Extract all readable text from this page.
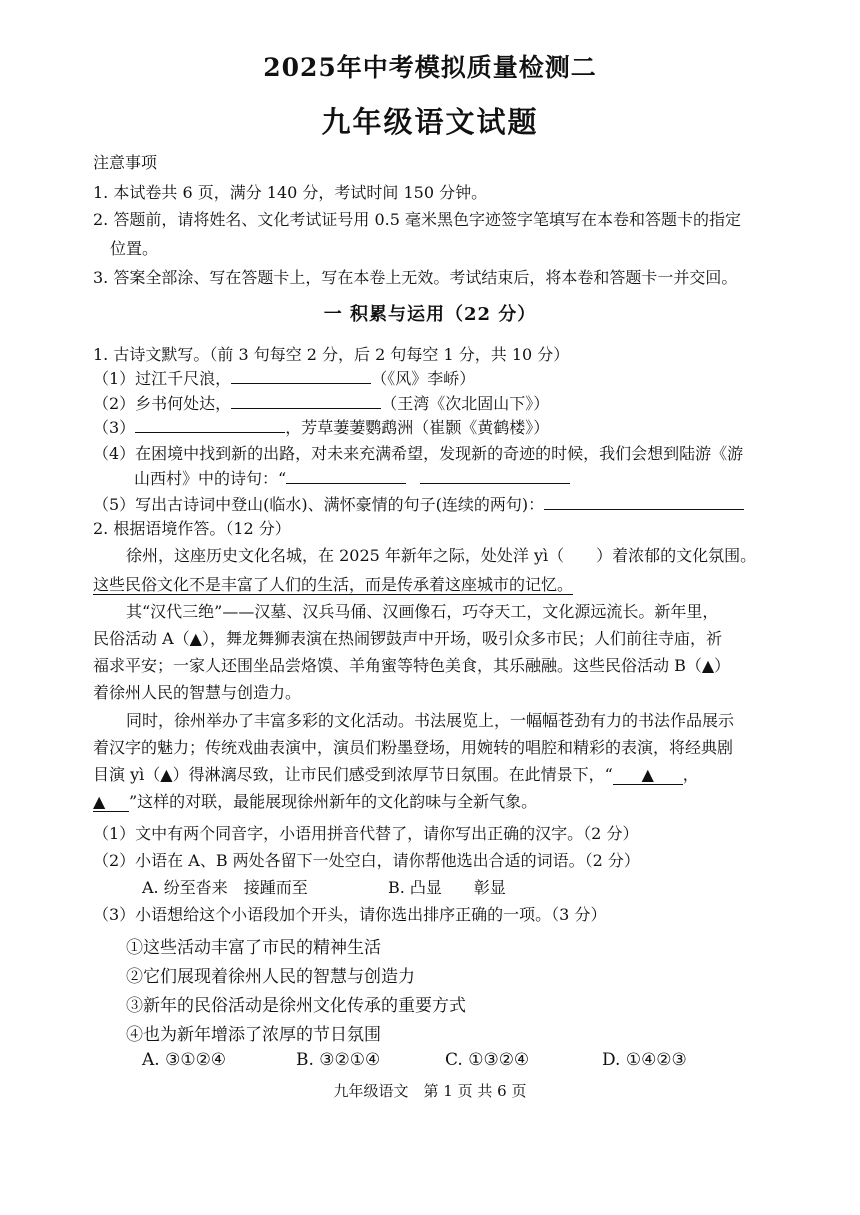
2025年中考模拟质量检测二
九年级语文试题
注意事项
1. 本试卷共 6 页，满分 140 分，考试时间 150 分钟。
2. 答题前，请将姓名、文化考试证号用 0.5 毫米黑色字迹签字笔填写在本卷和答题卡的指定
位置。
3. 答案全部涂、写在答题卡上，写在本卷上无效。考试结束后，将本卷和答题卡一并交回。
一 积累与运用（22 分）
1. 古诗文默写。（前 3 句每空 2 分，后 2 句每空 1 分，共 10 分）
（1）过江千尺浪，	（《风》李峤）
（2）乡书何处达，	（王湾《次北固山下》）
（3）	，芳草萋萋鹦鹉洲（崔颢《黄鹤楼》）
（4）在困境中找到新的出路，对未来充满希望，发现新的奇迹的时候，我们会想到陆游《游
山西村》中的诗句：“
（5）写出古诗词中登山(临水)、满怀豪情的句子(连续的两句)：
2. 根据语境作答。（12 分）
徐州，这座历史文化名城，在 2025 年新年之际，处处洋 yì（　　）着浓郁的文化氛围。
这些民俗文化不是丰富了人们的生活，而是传承着这座城市的记忆。
其“汉代三绝”——汉墓、汉兵马俑、汉画像石，巧夺天工，文化源远流长。新年里，
民俗活动 A（▲），舞龙舞狮表演在热闹锣鼓声中开场，吸引众多市民；人们前往寺庙，祈
福求平安；一家人还围坐品尝烙馍、羊角蜜等特色美食，其乐融融。这些民俗活动 B（▲）
着徐州人民的智慧与创造力。
同时，徐州举办了丰富多彩的文化活动。书法展览上，一幅幅苍劲有力的书法作品展示
着汉字的魅力；传统戏曲表演中，演员们粉墨登场，用婉转的唱腔和精彩的表演，将经典剧
目演 yì（▲）得淋漓尽致，让市民们感受到浓厚节日氛围。在此情景下，“ ▲ ，
▲ ”这样的对联，最能展现徐州新年的文化韵味与全新气象。
（1）文中有两个同音字，小语用拼音代替了，请你写出正确的汉字。（2 分）
（2）小语在 A、B 两处各留下一处空白，请你帮他选出合适的词语。（2 分）
A. 纷至沓来　接踵而至	B. 凸显　　彰显
（3）小语想给这个小语段加个开头，请你选出排序正确的一项。（3 分）
①这些活动丰富了市民的精神生活
②它们展现着徐州人民的智慧与创造力
③新年的民俗活动是徐州文化传承的重要方式
④也为新年增添了浓厚的节日氛围
A. ③①②④	B. ③②①④	C. ①③②④	D. ①④②③
九年级语文　第 1 页 共 6 页
